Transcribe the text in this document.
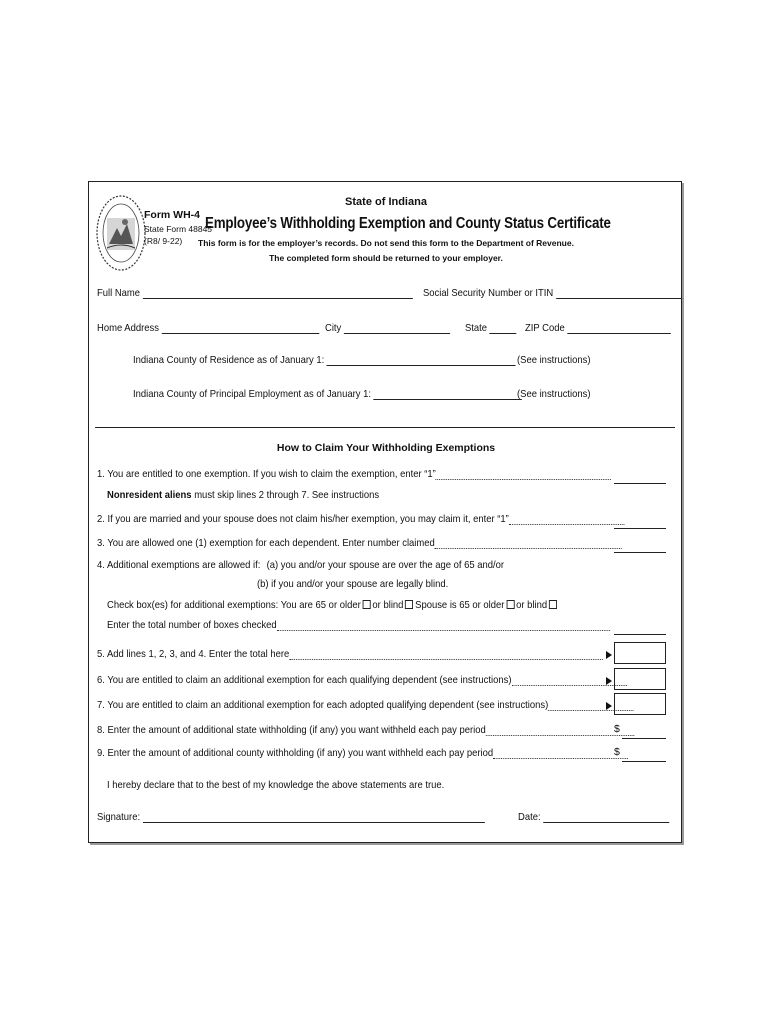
Form WH-4
State Form 48845
(R8/ 9-22)
State of Indiana
Employee’s Withholding Exemption and County Status Certificate
This form is for the employer’s records. Do not send this form to the Department of Revenue.
The completed form should be returned to your employer.
Full Name	Social Security Number or ITIN
Home Address	City	State	ZIP Code
Indiana County of Residence as of January 1:	(See instructions)
Indiana County of Principal Employment as of January 1:	(See instructions)
How to Claim Your Withholding Exemptions
1. You are entitled to one exemption. If you wish to claim the exemption, enter “1”
Nonresident aliens must skip lines 2 through 7. See instructions
2. If you are married and your spouse does not claim his/her exemption, you may claim it, enter “1”
3. You are allowed one (1) exemption for each dependent. Enter number claimed
4. Additional exemptions are allowed if: (a) you and/or your spouse are over the age of 65 and/or
(b) if you and/or your spouse are legally blind.
Check box(es) for additional exemptions: You are 65 or older or blind Spouse is 65 or older or blind
Enter the total number of boxes checked
5. Add lines 1, 2, 3, and 4. Enter the total here
6. You are entitled to claim an additional exemption for each qualifying dependent (see instructions)
7. You are entitled to claim an additional exemption for each adopted qualifying dependent (see instructions)
8. Enter the amount of additional state withholding (if any) you want withheld each pay period	$
9. Enter the amount of additional county withholding (if any) you want withheld each pay period	$
I hereby declare that to the best of my knowledge the above statements are true.
Signature:	Date:
